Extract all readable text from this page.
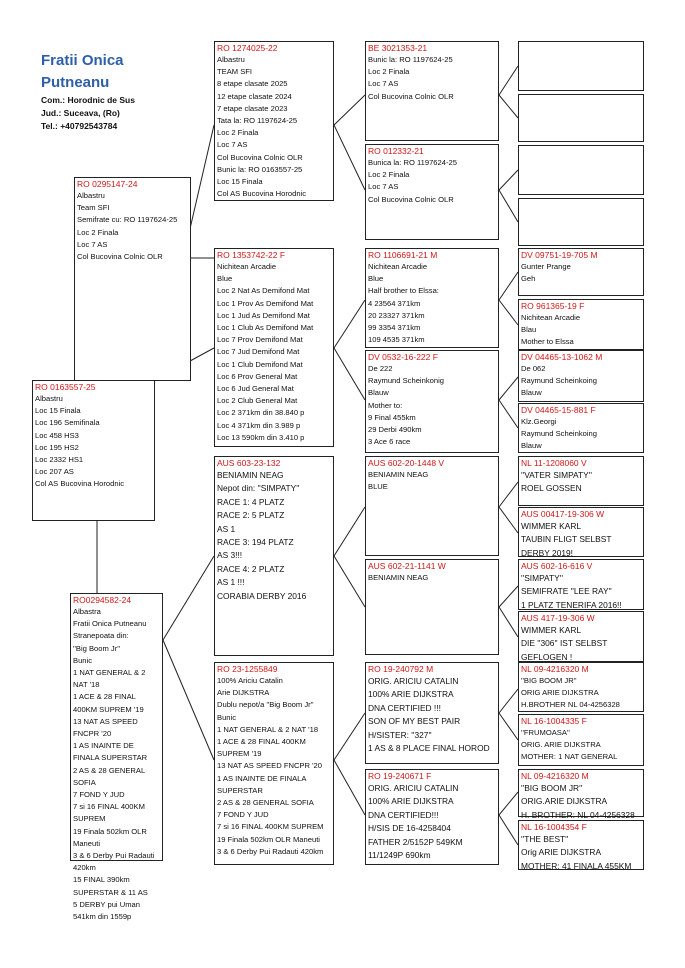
Fratii Onica
Putneanu
Com.: Horodnic de Sus
Jud.: Suceava, (Ro)
Tel.: +40792543784
RO 0295147-24
Albastru
Team SFI
Semifrate cu: RO 1197624-25
Loc 2 Finala
Loc 7 AS
Col Bucovina Colnic OLR
RO 0163557-25
Albastru
Loc 15 Finala
Loc 196 Semifinala
Loc 458 HS3
Loc 195 HS2
Loc 2332 HS1
Loc 207 AS
Col AS Bucovina Horodnic
RO0294582-24
Albastra
Fratii Onica Putneanu
Stranepoata din:
''Big Boom Jr''
Bunic
1 NAT GENERAL & 2 NAT '18
1 ACE & 28 FINAL 400KM SUPREM '19
13 NAT AS SPEED FNCPR '20
1 AS INAINTE DE FINALA SUPERSTAR
2 AS & 28 GENERAL SOFIA
7 FOND Y JUD
7 si 16 FINAL 400KM SUPREM
19 Finala 502km OLR Maneuti
3 & 6 Derby Pui Radauti 420km
15 FINAL 390km SUPERSTAR & 11 AS
5 DERBY pui Uman 541km din 1559p
RO 1274025-22
Albastru
TEAM SFI
8 etape clasate 2025
12 etape clasate 2024
7 etape clasate 2023
Tata la: RO 1197624-25
Loc 2 Finala
Loc 7 AS
Col Bucovina Colnic OLR
Bunic la: RO 0163557-25
Loc 15 Finala
Col AS Bucovina Horodnic
RO 1353742-22 F
Nichitean Arcadie
Blue
Loc 2 Nat As Demifond Mat
Loc 1 Prov As Demifond Mat
Loc 1 Jud As Demifond Mat
Loc 1 Club As Demifond Mat
Loc 7 Prov Demifond Mat
Loc 7 Jud Demifond Mat
Loc 1 Club Demifond Mat
Loc 6 Prov General Mat
Loc 6 Jud General Mat
Loc 2 Club General Mat
Loc 2 371km din 38.840 p
Loc 4 371km din 3.989 p
Loc 13 590km din 3.410 p
AUS 603-23-132
BENIAMIN NEAG
Nepot din: ''SIMPATY''
RACE 1: 4 PLATZ
RACE 2: 5 PLATZ
AS 1
RACE 3: 194 PLATZ
AS 3!!!
RACE 4: 2 PLATZ
AS 1 !!!
CORABIA DERBY 2016
RO 23-1255849
100% Ariciu Catalin
Arie DIJKSTRA
Dublu nepot/a ''Big Boom Jr''
Bunic
1 NAT GENERAL & 2 NAT '18
1 ACE & 28 FINAL 400KM SUPREM '19
13 NAT AS SPEED FNCPR '20
1 AS INAINTE DE FINALA SUPERSTAR
2 AS & 28 GENERAL SOFIA
7 FOND Y JUD
7 si 16 FINAL 400KM SUPREM
19 Finala 502km OLR Maneuti
3 & 6 Derby Pui Radauti 420km
BE 3021353-21
Bunic la: RO 1197624-25
Loc 2 Finala
Loc 7 AS
Col Bucovina Colnic OLR
RO 012332-21
Bunica la: RO 1197624-25
Loc 2 Finala
Loc 7 AS
Col Bucovina Colnic OLR
RO 1106691-21 M
Nichitean Arcadie
Blue
Half brother to Elssa:
4 23564 371km
20 23327 371km
99 3354 371km
109 4535 371km
DV 0532-16-222 F
De 222
Raymund Scheinkonig
Blauw
Mother to:
9 Final 455km
29 Derbi 490km
3 Ace 6 race
AUS 602-20-1448 V
BENIAMIN NEAG
BLUE
AUS 602-21-1141 W
BENIAMIN NEAG
RO 19-240792 M
ORIG. ARICIU CATALIN
100% ARIE DIJKSTRA
DNA CERTIFIED !!!
SON OF MY BEST PAIR
H/SISTER: ''327''
1 AS & 8 PLACE FINAL HOROD
RO 19-240671 F
ORIG. ARICIU CATALIN
100% ARIE DIJKSTRA
DNA CERTIFIED!!!
H/SIS DE 16-4258404
FATHER 2/5152P 549KM
11/1249P 690km
DV 09751-19-705 M
Gunter Prange
Geh
RO 961365-19 F
Nichitean Arcadie
Blau
Mother to Elssa
DV 04465-13-1062 M
De 062
Raymund Scheinkoing
Blauw
DV 04465-15-881 F
Klz.Georgi
Raymund Scheinkoing
Blauw
NL 11-1208060 V
''VATER SIMPATY''
ROEL GOSSEN
AUS 00417-19-306 W
WIMMER KARL
TAUBIN FLIGT SELBST
DERBY 2019!
AUS 602-16-616 V
''SIMPATY''
SEMIFRATE ''LEE RAY''
1 PLATZ TENERIFA 2016!!
AUS 417-19-306 W
WIMMER KARL
DIE ''306'' IST SELBST
GEFLOGEN !
NL 09-4216320 M
''BIG BOOM JR''
ORIG ARIE DIJKSTRA
H.BROTHER NL 04-4256328
NL 16-1004335 F
''FRUMOASA''
ORIG. ARIE DIJKSTRA
MOTHER: 1 NAT GENERAL
NL 09-4216320 M
''BIG BOOM JR''
ORIG.ARIE DIJKSTRA
H. BROTHER: NL 04-4256328
NL 16-1004354 F
''THE BEST''
Orig ARIE DIJKSTRA
MOTHER: 41 FINALA 455KM
